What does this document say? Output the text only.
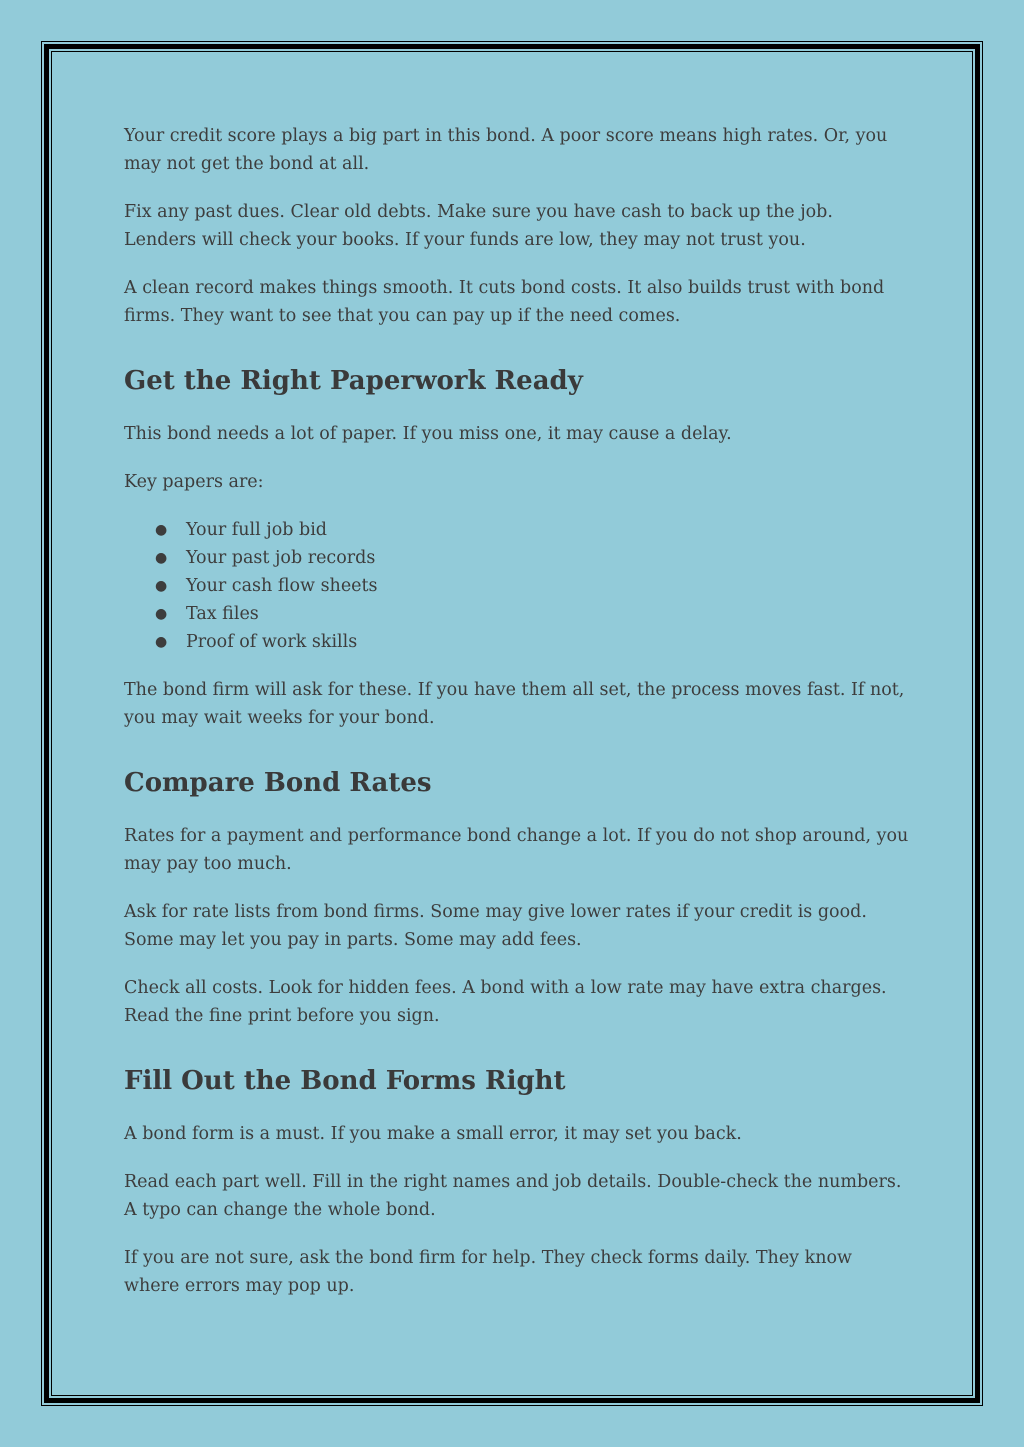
Your credit score plays a big part in this bond. A poor score means high rates. Or, you may not get the bond at all.

Fix any past dues. Clear old debts. Make sure you have cash to back up the job. Lenders will check your books. If your funds are low, they may not trust you.

A clean record makes things smooth. It cuts bond costs. It also builds trust with bond firms. They want to see that you can pay up if the need comes.

Get the Right Paperwork Ready

This bond needs a lot of paper. If you miss one, it may cause a delay.

Key papers are:

● Your full job bid
● Your past job records
● Your cash flow sheets
● Tax files
● Proof of work skills

The bond firm will ask for these. If you have them all set, the process moves fast. If not, you may wait weeks for your bond.

Compare Bond Rates

Rates for a payment and performance bond change a lot. If you do not shop around, you may pay too much.

Ask for rate lists from bond firms. Some may give lower rates if your credit is good. Some may let you pay in parts. Some may add fees.

Check all costs. Look for hidden fees. A bond with a low rate may have extra charges. Read the fine print before you sign.

Fill Out the Bond Forms Right

A bond form is a must. If you make a small error, it may set you back.

Read each part well. Fill in the right names and job details. Double-check the numbers. A typo can change the whole bond.

If you are not sure, ask the bond firm for help. They check forms daily. They know where errors may pop up.
